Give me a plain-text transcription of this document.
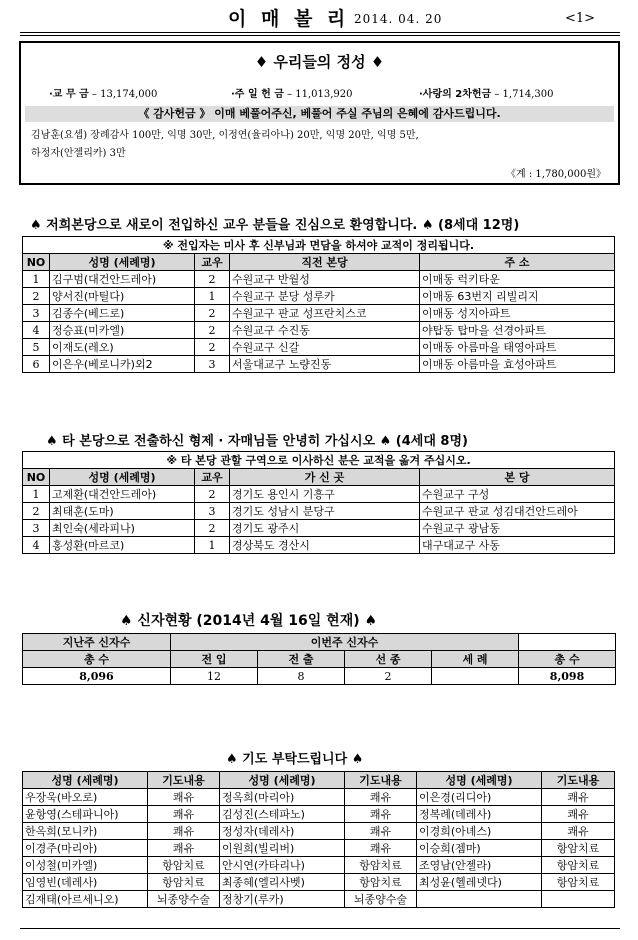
이 매 볼 리 2014. 04. 20	<1>
♦ 우리들의 정성 ♦
·교 무 금 – 13,174,000	·주 일 헌 금 – 11,013,920	·사랑의 2차헌금 – 1,714,300
《 감사헌금 》 이매 베풀어주신, 베풀어 주실 주님의 은혜에 감사드립니다.
김남훈(요셉) 장례감사 100만, 익명 30만, 이정연(율리아나) 20만, 익명 20만, 익명 5만,
하정자(안젤리카) 3만
《계 : 1,780,000원》
♠ 저희본당으로 새로이 전입하신 교우 분들을 진심으로 환영합니다. ♠ (8세대 12명)
※ 전입자는 미사 후 신부님과 면담을 하셔야 교적이 정리됩니다.				
NO	성명 (세례명)	교우	직전 본당	주 소
1	김구범(대건안드레아)	2	수원교구 반월성	이매동 럭키타운
2	양서진(마틸다)	1	수원교구 분당 성루카	이매동 63번지 리빌리지
3	김종수(베드로)	2	수원교구 판교 성프란치스코	이매동 성지아파트
4	정승표(미카엘)	2	수원교구 수진동	야탑동 탑마을 선경아파트
5	이재도(레오)	2	수원교구 신갈	이매동 아름마을 태영아파트
6	이은우(베로니카)외2	3	서울대교구 노량진동	이매동 아름마을 효성아파트
♠ 타 본당으로 전출하신 형제 · 자매님들 안녕히 가십시오 ♠ (4세대 8명)
※ 타 본당 관할 구역으로 이사하신 분은 교적을 옮겨 주십시오.				
NO	성명 (세례명)	교우	가 신 곳	본 당
1	고제환(대건안드레아)	2	경기도 용인시 기흥구	수원교구 구성
2	최태훈(도마)	3	경기도 성남시 분당구	수원교구 판교 성김대건안드레아
3	최인숙(세라피나)	2	경기도 광주시	수원교구 광남동
4	홍성환(마르코)	1	경상북도 경산시	대구대교구 사동
♠ 신자현황 (2014년 4월 16일 현재) ♠
지난주 신자수	이번주 신자수				
총 수	전 입	전 출	선 종	세 례	총 수
8,096	12	8	2		8,098
♠ 기도 부탁드립니다 ♠
성명 (세례명)	기도내용	성명 (세례명)	기도내용	성명 (세례명)	기도내용
우장욱(바오로)	쾌유	정옥희(마리아)	쾌유	이은경(리디아)	쾌유
윤항영(스테파니아)	쾌유	김성진(스테파노)	쾌유	정복례(데레사)	쾌유
한옥희(모니카)	쾌유	정성자(데레사)	쾌유	이경희(아녜스)	쾌유
이경주(마리아)	쾌유	이원희(빌리버)	쾌유	이승희(젬마)	항암치료
이성철(미카엘)	항암치료	안시연(카타리나)	항암치료	조영남(안젤라)	항암치료
임영빈(데레사)	항암치료	최종혜(엘리사벳)	항암치료	최성윤(헬레넷다)	항암치료
김재태(아르세니오)	뇌종양수술	정창기(루카)	뇌종양수술		
